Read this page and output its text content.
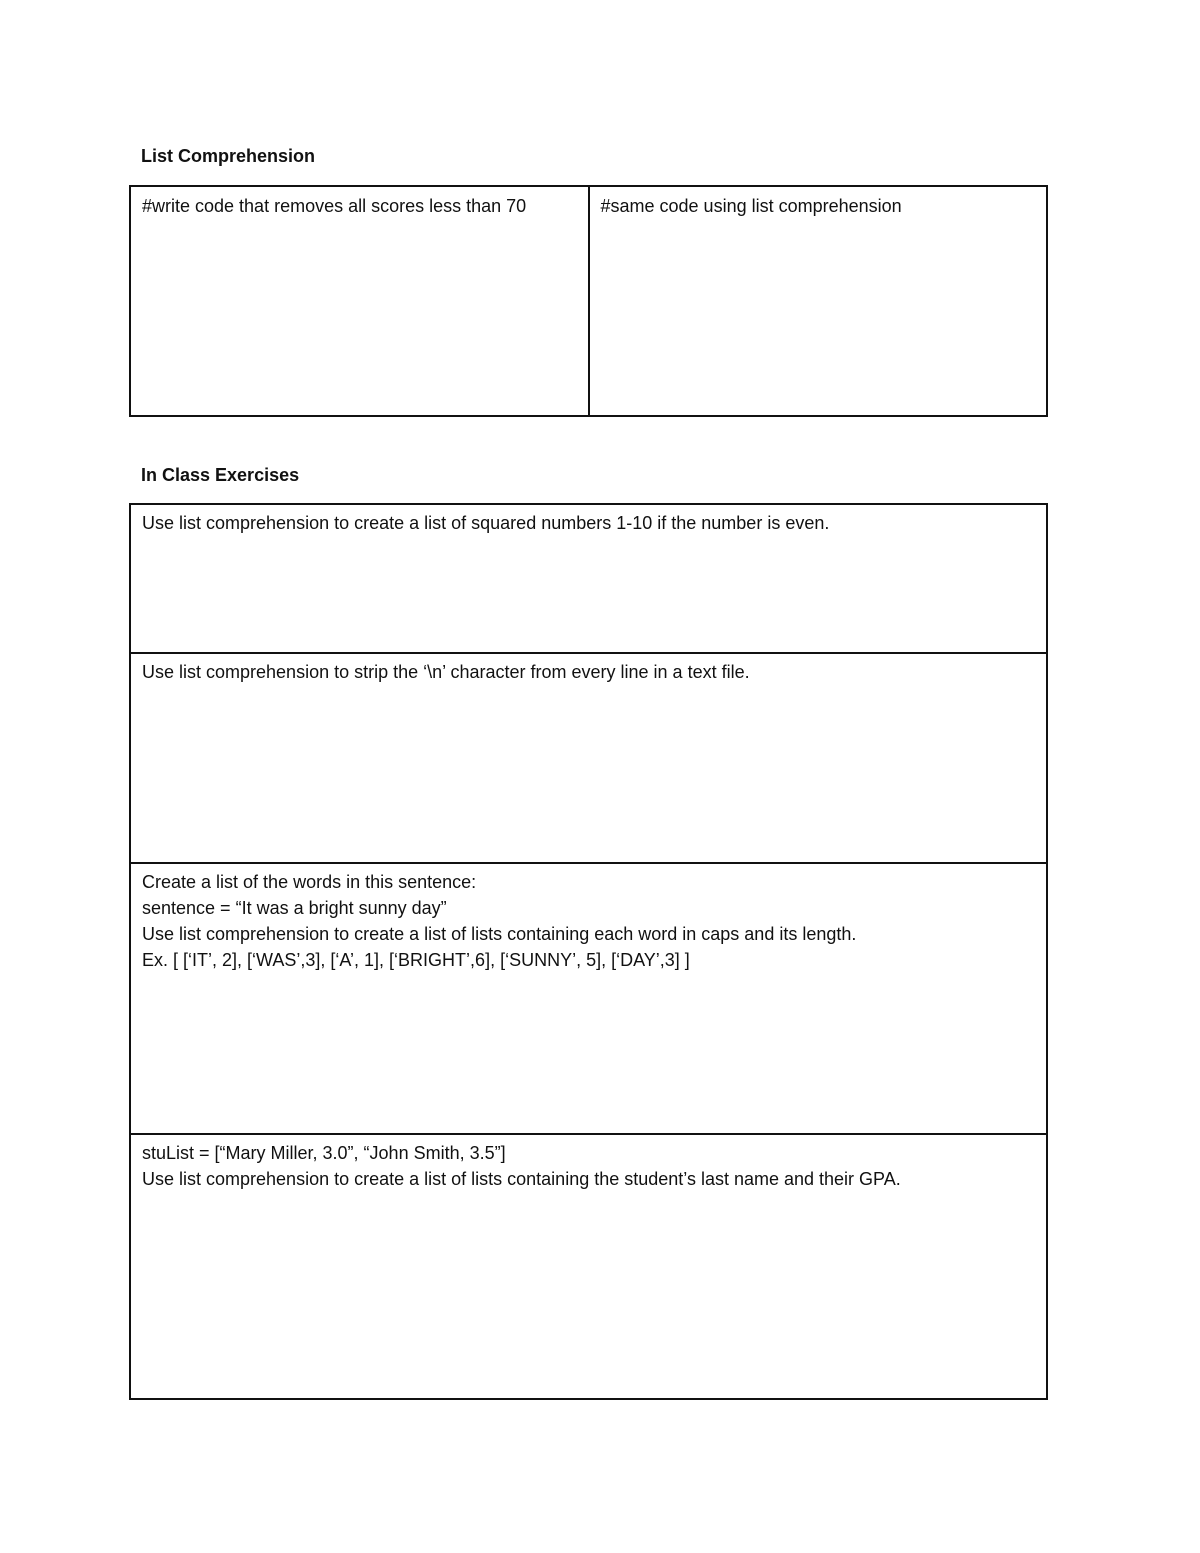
List Comprehension
#write code that removes all scores less than 70	#same code using list comprehension
In Class Exercises
Use list comprehension to create a list of squared numbers 1-10 if the number is even.

Use list comprehension to strip the ‘\n’ character from every line in a text file.

Create a list of the words in this sentence:
sentence = “It was a bright sunny day”
Use list comprehension to create a list of lists containing each word in caps and its length.
Ex. [ [‘IT’, 2], [‘WAS’,3], [‘A’, 1], [‘BRIGHT’,6], [‘SUNNY’, 5], [‘DAY’,3] ]

stuList = [“Mary Miller, 3.0”, “John Smith, 3.5”]
Use list comprehension to create a list of lists containing the student’s last name and their GPA.
